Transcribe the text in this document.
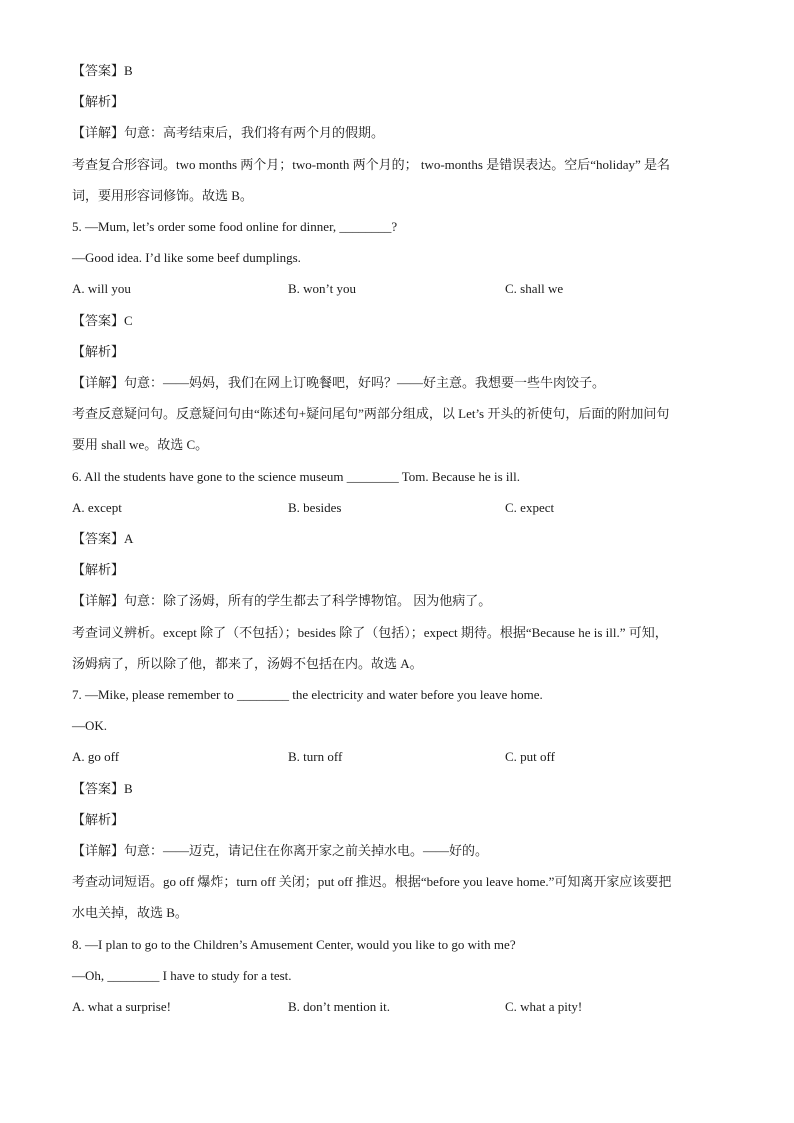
【答案】B
【解析】
【详解】句意：高考结束后，我们将有两个月的假期。
考查复合形容词。two months 两个月；two-month 两个月的； two-months 是错误表达。空后“holiday” 是名
词，要用形容词修饰。故选 B。
5. —Mum, let’s order some food online for dinner, ________?
—Good idea. I’d like some beef dumplings.
A. will you	B. won’t you	C. shall we
【答案】C
【解析】
【详解】句意：——妈妈，我们在网上订晚餐吧，好吗？——好主意。我想要一些牛肉饺子。
考查反意疑问句。反意疑问句由“陈述句+疑问尾句”两部分组成，以 Let’s 开头的祈使句，后面的附加问句
要用 shall we。故选 C。
6. All the students have gone to the science museum ________ Tom. Because he is ill.
A. except	B. besides	C. expect
【答案】A
【解析】
【详解】句意：除了汤姆，所有的学生都去了科学博物馆。 因为他病了。
考查词义辨析。except 除了（不包括）；besides 除了（包括）；expect 期待。根据“Because he is ill.” 可知，
汤姆病了，所以除了他，都来了，汤姆不包括在内。故选 A。
7. —Mike, please remember to ________ the electricity and water before you leave home.
—OK.
A. go off	B. turn off	C. put off
【答案】B
【解析】
【详解】句意：——迈克，请记住在你离开家之前关掉水电。——好的。
考查动词短语。go off 爆炸；turn off 关闭；put off 推迟。根据“before you leave home.”可知离开家应该要把
水电关掉，故选 B。
8. —I plan to go to the Children’s Amusement Center, would you like to go with me?
—Oh, ________ I have to study for a test.
A. what a surprise!	B. don’t mention it.	C. what a pity!
